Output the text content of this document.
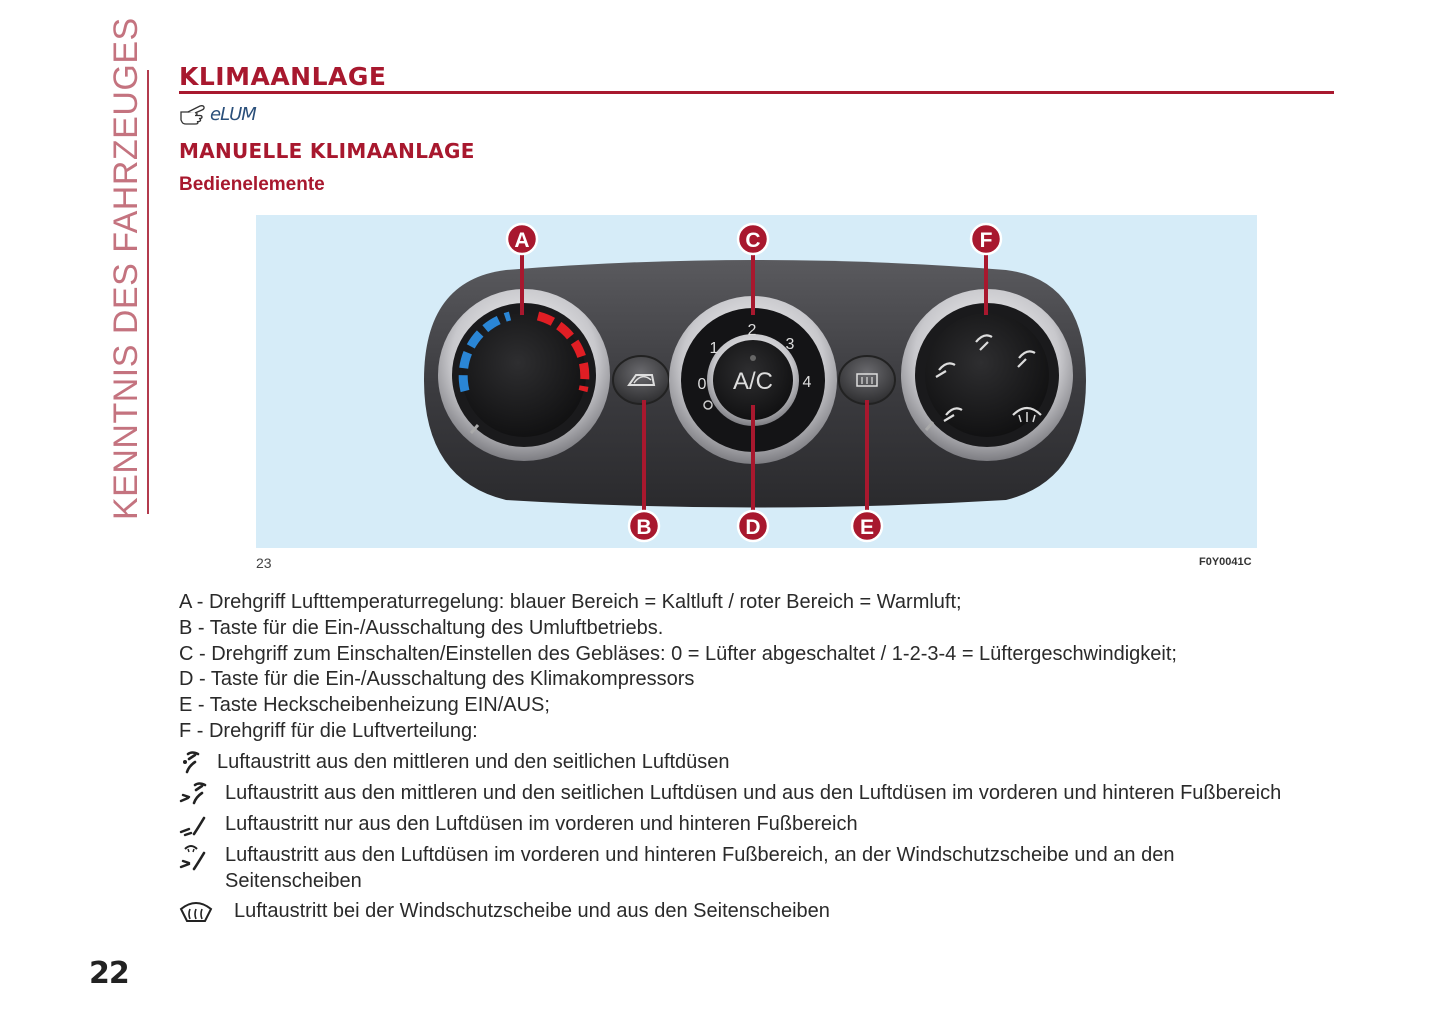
KENNTNIS DES FAHRZEUGES KLIMAANLAGE
eLUM
MANUELLE KLIMAANLAGE
Bedienelemente
A/C
0
1
2
3
4
A	C	F
B	D	E
23	F0Y0041C
A - Drehgriff Lufttemperaturregelung: blauer Bereich = Kaltluft / roter Bereich = Warmluft;
B - Taste für die Ein-/Ausschaltung des Umluftbetriebs.
C - Drehgriff zum Einschalten/Einstellen des Gebläses: 0 = Lüfter abgeschaltet / 1-2-3-4 = Lüftergeschwindigkeit;
D - Taste für die Ein-/Ausschaltung des Klimakompressors
E - Taste Heckscheibenheizung EIN/AUS;
F - Drehgriff für die Luftverteilung:
Luftaustritt aus den mittleren und den seitlichen Luftdüsen
Luftaustritt aus den mittleren und den seitlichen Luftdüsen und aus den Luftdüsen im vorderen und hinteren Fußbereich
Luftaustritt nur aus den Luftdüsen im vorderen und hinteren Fußbereich
Luftaustritt aus den Luftdüsen im vorderen und hinteren Fußbereich, an der Windschutzscheibe und an den
Seitenscheiben
Luftaustritt bei der Windschutzscheibe und aus den Seitenscheiben
22
